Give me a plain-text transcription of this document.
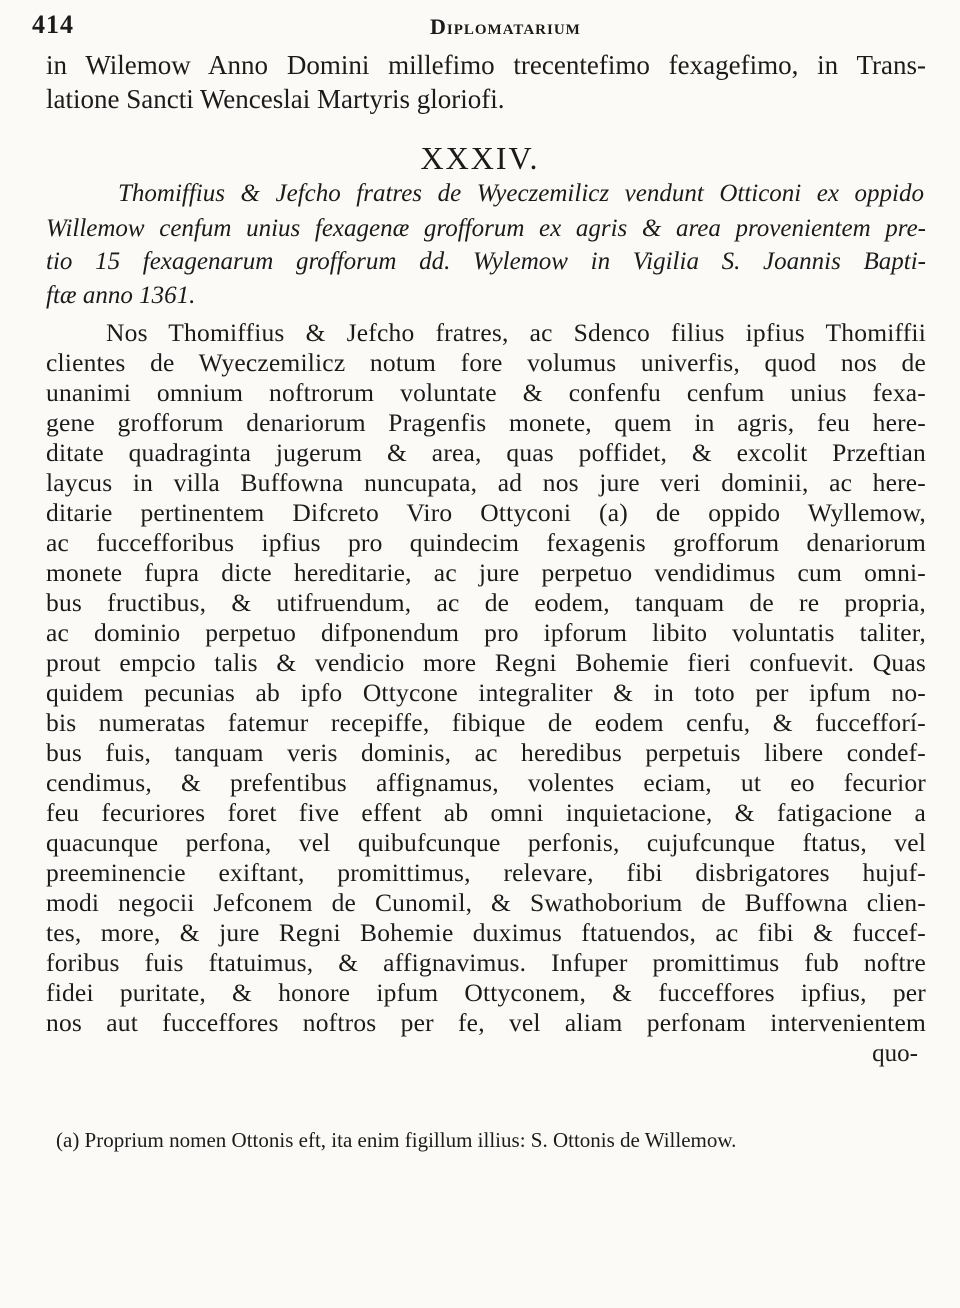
414	Diplomatarium
in Wilemow Anno Domini millefimo trecentefimo fexagefimo, in Trans-
latione Sancti Wenceslai Martyris gloriofi.
XXXIV.
Thomiffius & Jefcho fratres de Wyeczemilicz vendunt Otticoni ex oppido
Willemow cenfum unius fexagenæ grofforum ex agris & area provenientem pre-
tio 15 fexagenarum grofforum dd. Wylemow in Vigilia S. Joannis Bapti-
ftæ anno 1361.
Nos Thomiffius & Jefcho fratres, ac Sdenco filius ipfius Thomiffii
clientes de Wyeczemilicz notum fore volumus univerfis, quod nos de
unanimi omnium noftrorum voluntate & confenfu cenfum unius fexa-
gene grofforum denariorum Pragenfis monete, quem in agris, feu here-
ditate quadraginta jugerum & area, quas poffidet, & excolit Przeftian
laycus in villa Buffowna nuncupata, ad nos jure veri dominii, ac here-
ditarie pertinentem Difcreto Viro Ottyconi (a) de oppido Wyllemow,
ac fuccefforibus ipfius pro quindecim fexagenis grofforum denariorum
monete fupra dicte hereditarie, ac jure perpetuo vendidimus cum omni-
bus fructibus, & utifruendum, ac de eodem, tanquam de re propria,
ac dominio perpetuo difponendum pro ipforum libito voluntatis taliter,
prout empcio talis & vendicio more Regni Bohemie fieri confuevit. Quas
quidem pecunias ab ipfo Ottycone integraliter & in toto per ipfum no-
bis numeratas fatemur recepiffe, fibique de eodem cenfu, & fuccefforí-
bus fuis, tanquam veris dominis, ac heredibus perpetuis libere condef-
cendimus, & prefentibus affignamus, volentes eciam, ut eo fecurior
feu fecuriores foret five effent ab omni inquietacione, & fatigacione a
quacunque perfona, vel quibufcunque perfonis, cujufcunque ftatus, vel
preeminencie exiftant, promittimus, relevare, fibi disbrigatores hujuf-
modi negocii Jefconem de Cunomil, & Swathoborium de Buffowna clien-
tes, more, & jure Regni Bohemie duximus ftatuendos, ac fibi & fuccef-
foribus fuis ftatuimus, & affignavimus. Infuper promittimus fub noftre
fidei puritate, & honore ipfum Ottyconem, & fucceffores ipfius, per
nos aut fucceffores noftros per fe, vel aliam perfonam intervenientem
quo-
(a) Proprium nomen Ottonis eft, ita enim figillum illius: S. Ottonis de Willemow.
